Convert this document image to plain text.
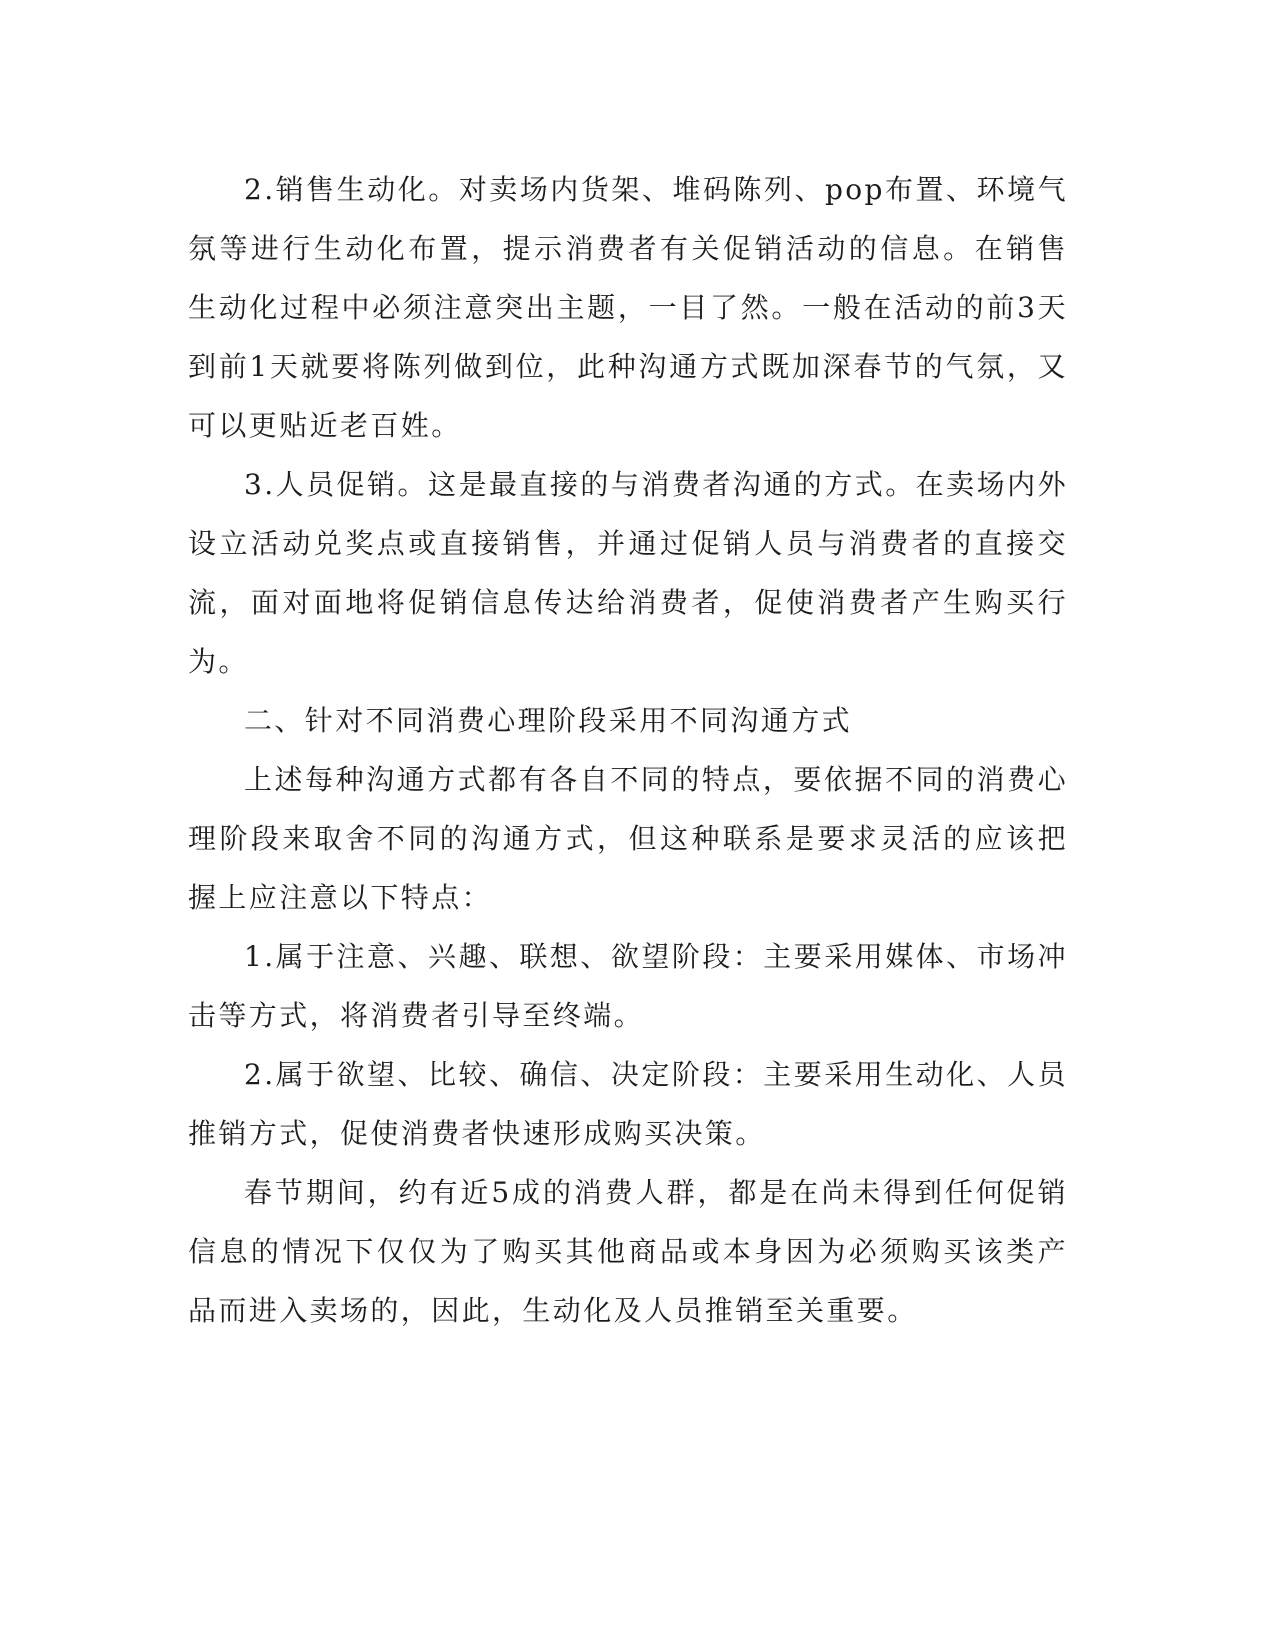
2.销售生动化。对卖场内货架、堆码陈列、pop布置、环境气氛等进行生动化布置，提示消费者有关促销活动的信息。在销售生动化过程中必须注意突出主题，一目了然。一般在活动的前3天到前1天就要将陈列做到位，此种沟通方式既加深春节的气氛，又可以更贴近老百姓。

3.人员促销。这是最直接的与消费者沟通的方式。在卖场内外设立活动兑奖点或直接销售，并通过促销人员与消费者的直接交流，面对面地将促销信息传达给消费者，促使消费者产生购买行为。

二、针对不同消费心理阶段采用不同沟通方式

上述每种沟通方式都有各自不同的特点，要依据不同的消费心理阶段来取舍不同的沟通方式，但这种联系是要求灵活的应该把握上应注意以下特点：

1.属于注意、兴趣、联想、欲望阶段：主要采用媒体、市场冲击等方式，将消费者引导至终端。

2.属于欲望、比较、确信、决定阶段：主要采用生动化、人员推销方式，促使消费者快速形成购买决策。

春节期间，约有近5成的消费人群，都是在尚未得到任何促销信息的情况下仅仅为了购买其他商品或本身因为必须购买该类产品而进入卖场的，因此，生动化及人员推销至关重要。
